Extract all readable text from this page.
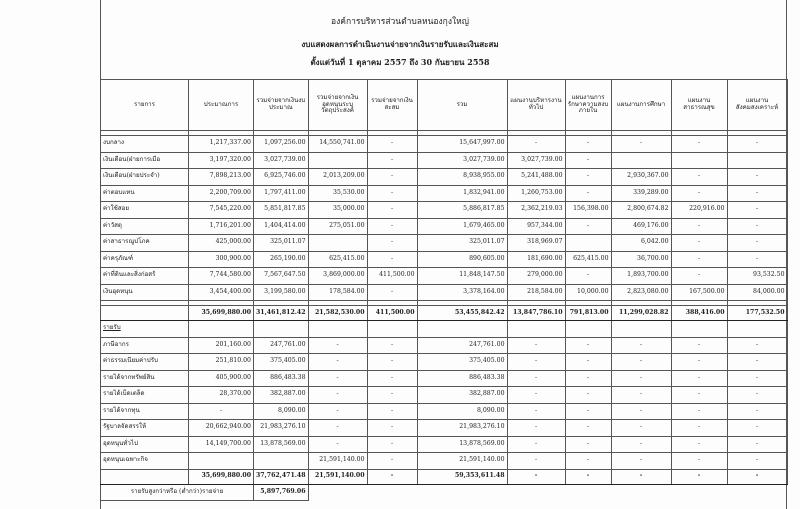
องค์การบริหารส่วนตำบลหนองกุงใหญ่
งบแสดงผลการดำเนินงานจ่ายจากเงินรายรับและเงินสะสม
ตั้งแต่วันที่ 1 ตุลาคม 2557 ถึง 30 กันยายน 2558
รายการ	ประมาณการ	รวมจ่ายจากเงินงบประมาณ	รวมจ่ายจากเงินอุดหนุนระบุวัตถุประสงค์	รวมจ่ายจากเงินสะสม	รวม	แผนงานบริหารงานทั่วไป	แผนงานการรักษาความสงบภายใน	แผนงานการศึกษา	แผนงานสาธารณสุข	แผนงานสังคมสงเคราะห์

งบกลาง	1,217,337.00	1,097,256.00	14,550,741.00	-	15,647,997.00	-	-	-	-	-
เงินเดือน(ฝ่ายการเมือ	3,197,320.00	3,027,739.00		-	3,027,739.00	3,027,739.00	-			
เงินเดือน(ฝ่ายประจำ)	7,898,213.00	6,925,746.00	2,013,209.00	-	8,938,955.00	5,241,488.00	-	2,930,367.00	-	-
ค่าตอบแทน	2,200,709.00	1,797,411.00	35,530.00	-	1,832,941.00	1,260,753.00	-	339,289.00	-	-
ค่าใช้สอย	7,545,220.00	5,851,817.85	35,000.00	-	5,886,817.85	2,362,219.03	156,398.00	2,800,674.82	220,916.00	-
ค่าวัสดุ	1,716,201.00	1,404,414.00	275,051.00	-	1,679,465.00	957,344.00	-	469,176.00	-	-
ค่าสาธารณูปโภค	425,000.00	325,011.07		-	325,011.07	318,969.07		6,042.00	-	-
ค่าครุภัณฑ์	300,900.00	265,190.00	625,415.00	-	890,605.00	181,690.00	625,415.00	36,700.00	-	-
ค่าที่ดินและสิ่งก่อสร้	7,744,580.00	7,567,647.50	3,869,000.00	411,500.00	11,848,147.50	279,000.00	-	1,893,700.00	-	93,532.50
เงินอุดหนุน	3,454,400.00	3,199,580.00	178,584.00	-	3,378,164.00	218,584.00	10,000.00	2,823,080.00	167,500.00	84,000.00

	35,699,880.00	31,461,812.42	21,582,530.00	411,500.00	53,455,842.42	13,847,786.10	791,813.00	11,299,028.82	388,416.00	177,532.50
รายรับ										
ภาษีอากร	201,160.00	247,761.00	-	-	247,761.00	-	-	-	-	-
ค่าธรรมเนียมค่าปรับ	251,810.00	375,405.00	-	-	375,405.00	-	-	-	-	-
รายได้จากทรัพย์สิน	405,900.00	886,483.38	-	-	886,483.38	-	-	-	-	-
รายได้เบ็ดเตล็ด	28,370.00	382,887.00	-	-	382,887.00	-	-	-	-	-
รายได้จากทุน	-	8,090.00	-	-	8,090.00	-	-	-	-	-
รัฐบาลจัดสรรให้	20,662,940.00	21,983,276.10	-	-	21,983,276.10	-	-	-	-	-
อุดหนุนทั่วไป	14,149,700.00	13,878,569.00	-	-	13,878,569.00	-	-	-	-	-
อุดหนุนเฉพาะกิจ			21,591,140.00	-	21,591,140.00	-	-	-	-	-
	35,699,880.00	37,762,471.48	21,591,140.00	-	59,353,611.48	-	-	-	-	-
รายรับสูงกว่าหรือ (ต่ำกว่า)รายจ่าย		5,897,769.06								
